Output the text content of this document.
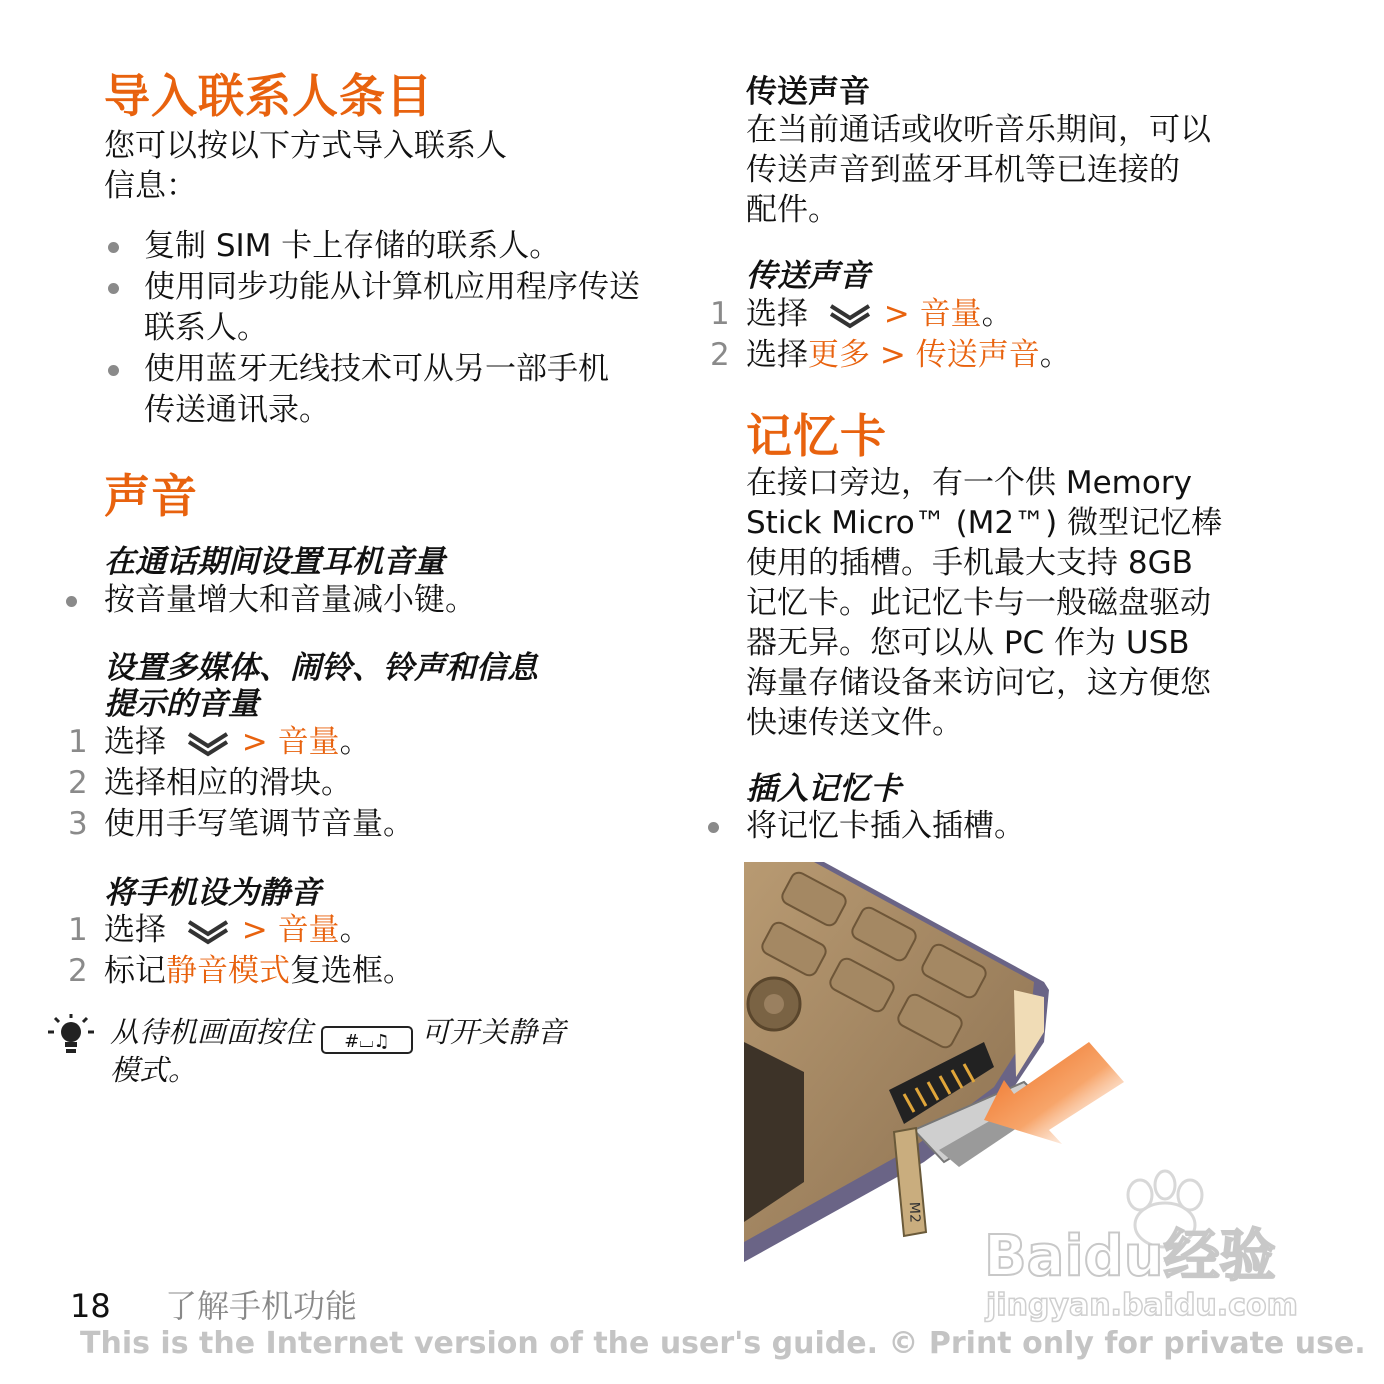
导入联系人条目

您可以按以下方式导入联系人

信息：

复制 SIM 卡上存储的联系人。
使用同步功能从计算机应用程序传送联系人。
使用蓝牙无线技术可从另一部手机传送通讯录。
声音

在通话期间设置耳机音量

按音量增大和音量减小键。

设置多媒体、闹铃、铃声和信息

提示的音量

1 选择 > 音量。
2 选择相应的滑块。
3 使用手写笔调节音量。

将手机设为静音

1 选择 > 音量。
2 标记静音模式复选框。

从待机画面按住 #⌴♫ 可开关静音

模式。

传送声音

在当前通话或收听音乐期间，可以

传送声音到蓝牙耳机等已连接的

配件。

传送声音

1 选择 > 音量。
2 选择更多 > 传送声音。
记忆卡
在接口旁边，有一个供 Memory
Stick Micro™ (M2™) 微型记忆棒
使用的插槽。手机最大支持 8GB
记忆卡。此记忆卡与一般磁盘驱动
器无异。您可以从 PC 作为 USB
海量存储设备来访问它，这方便您
快速传送文件。

插入记忆卡

将记忆卡插入插槽。
M2
Baidu经验
jingyan.baidu.com
18 了解手机功能
This is the Internet version of the user's guide. © Print only for private use.
